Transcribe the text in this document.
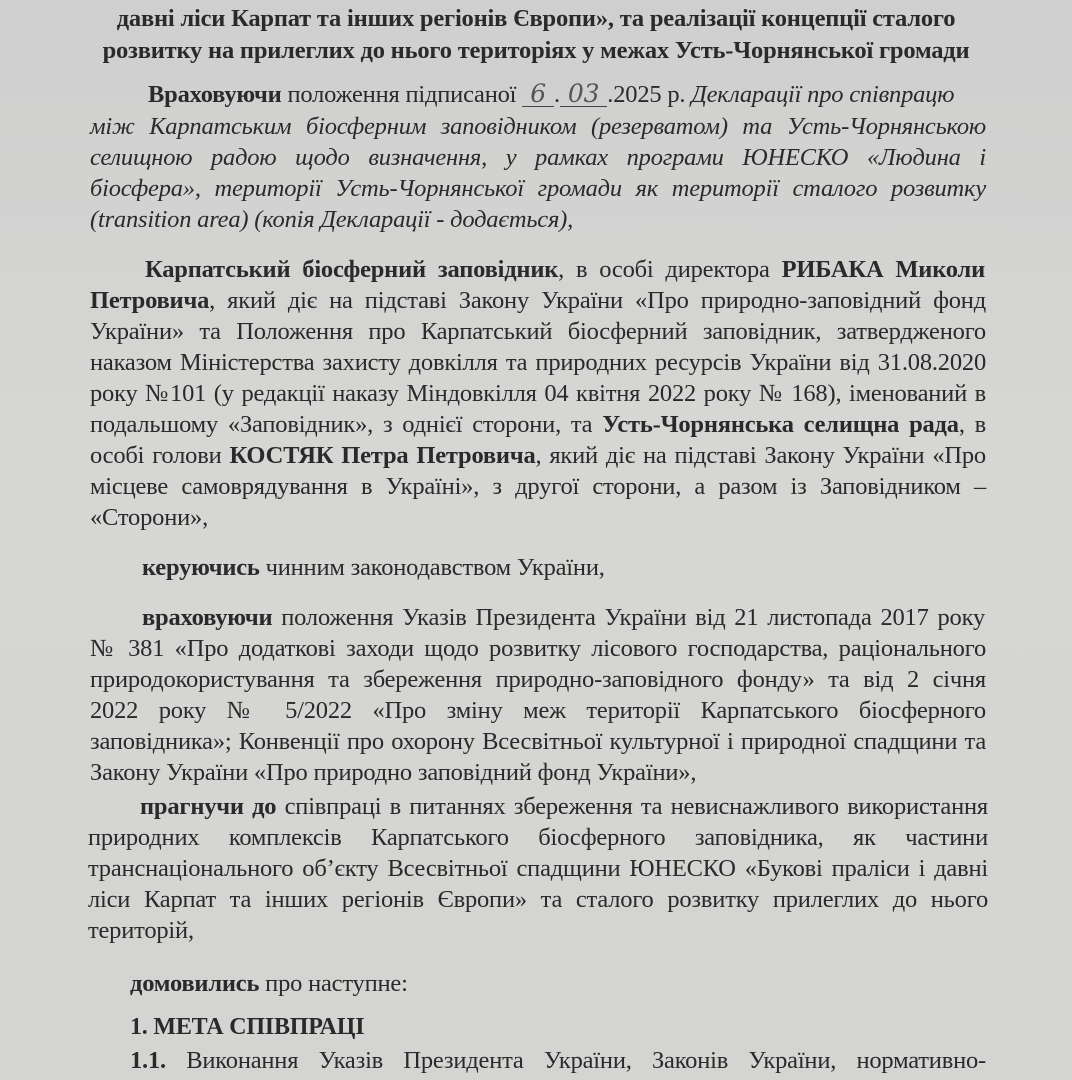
давні ліси Карпат та інших регіонів Європи», та реалізації концепції сталого
розвитку на прилеглих до нього територіях у межах Усть-Чорнянської громади
Враховуючи положення підписаної 6 . 03 .2025 р. Декларації про співпрацю
між Карпатським біосферним заповідником (резерватом) та Усть-Чорнянською
селищною радою щодо визначення, у рамках програми ЮНЕСКО «Людина і
біосфера», території Усть-Чорнянської громади як території сталого розвитку
(transition area) (копія Декларації - додається),
Карпатський біосферний заповідник, в особі директора РИБАКА Миколи
Петровича, який діє на підставі Закону України «Про природно-заповідний фонд
України» та Положення про Карпатський біосферний заповідник, затвердженого
наказом Міністерства захисту довкілля та природних ресурсів України від 31.08.2020
року №101 (у редакції наказу Міндовкілля 04 квітня 2022 року № 168), іменований в
подальшому «Заповідник», з однієї сторони, та Усть-Чорнянська селищна рада, в
особі голови КОСТЯК Петра Петровича, який діє на підставі Закону України «Про
місцеве самоврядування в Україні», з другої сторони, а разом із Заповідником –
«Сторони»,
керуючись чинним законодавством України,
враховуючи положення Указів Президента України від 21 листопада 2017 року
№ 381 «Про додаткові заходи щодо розвитку лісового господарства, раціонального
природокористування та збереження природно-заповідного фонду» та від 2 січня
2022 року № 5/2022 «Про зміну меж території Карпатського біосферного
заповідника»; Конвенції про охорону Всесвітньої культурної і природної спадщини та
Закону України «Про природно заповідний фонд України»,
прагнучи до співпраці в питаннях збереження та невиснажливого використання
природних комплексів Карпатського біосферного заповідника, як частини
транснаціонального об’єкту Всесвітньої спадщини ЮНЕСКО «Букові праліси і давні
ліси Карпат та інших регіонів Європи» та сталого розвитку прилеглих до нього
територій,
домовились про наступне:
1. МЕТА СПІВПРАЦІ
1.1. Виконання Указів Президента України, Законів України, нормативно-
